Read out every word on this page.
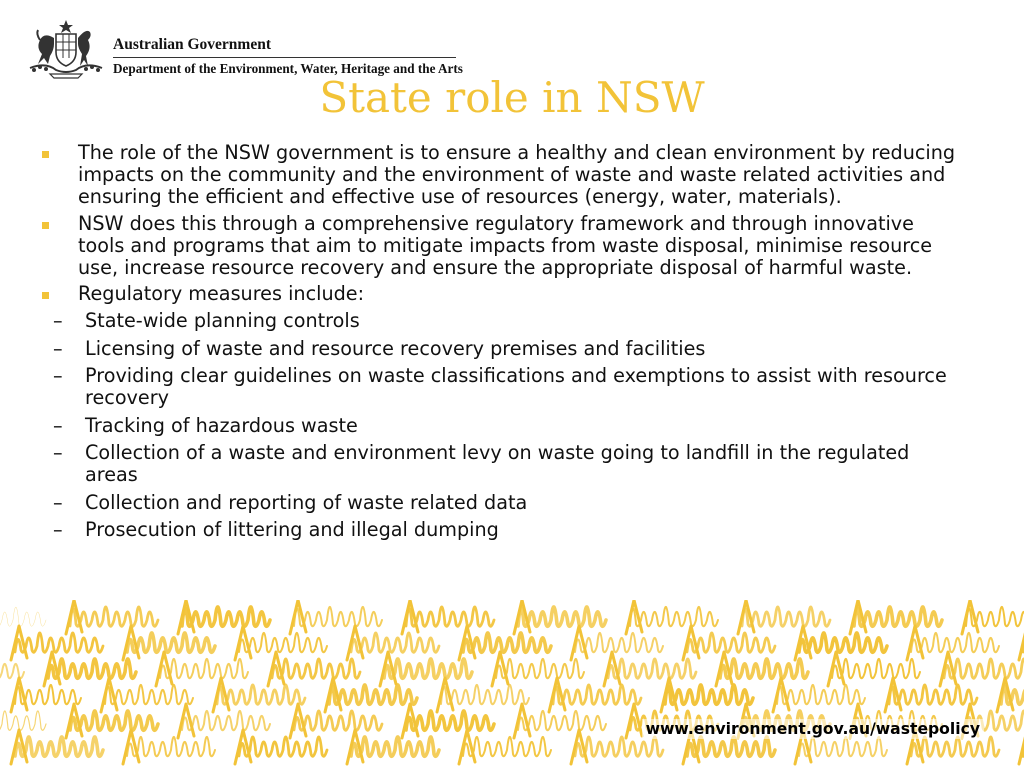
Australian Government
Department of the Environment, Water, Heritage and the Arts
State role in NSW
The role of the NSW government is to ensure a healthy and clean environment by reducing impacts on the community and the environment of waste and waste related activities and ensuring the efficient and effective use of resources (energy, water, materials).
NSW does this through a comprehensive regulatory framework and through innovative tools and programs that aim to mitigate impacts from waste disposal, minimise resource use, increase resource recovery and ensure the appropriate disposal of harmful waste.
Regulatory measures include:
– State-wide planning controls
– Licensing of waste and resource recovery premises and facilities
– Providing clear guidelines on waste classifications and exemptions to assist with resource recovery
– Tracking of hazardous waste
– Collection of a waste and environment levy on waste going to landfill in the regulated areas
– Collection and reporting of waste related data
– Prosecution of littering and illegal dumping
www.environment.gov.au/wastepolicy
